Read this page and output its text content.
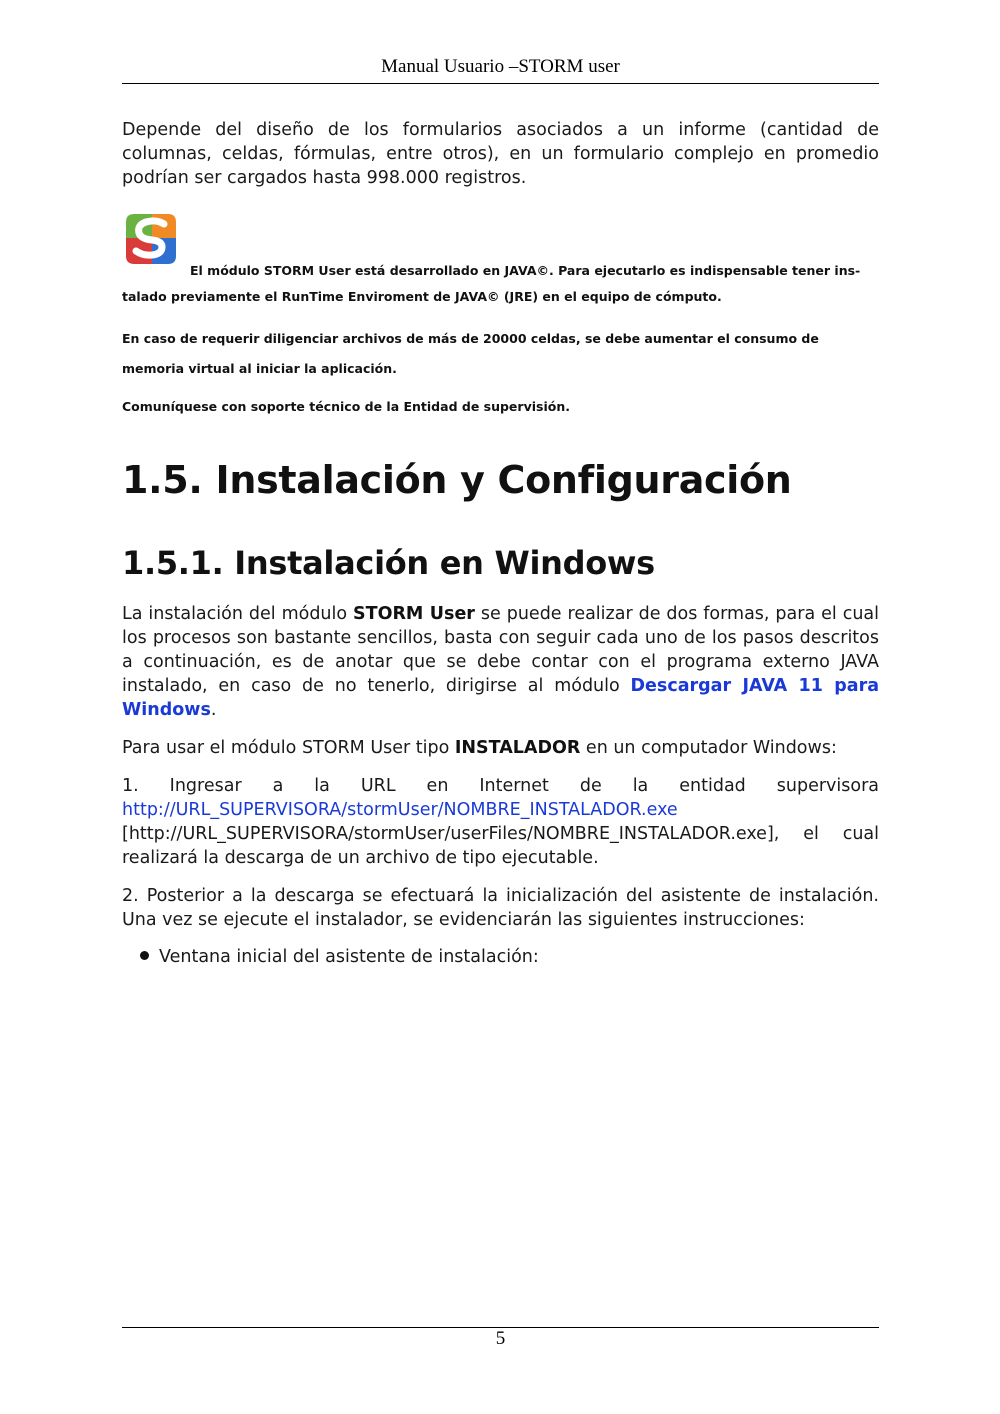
Manual Usuario –STORM user

Depende del diseño de los formularios asociados a un informe (cantidad de columnas, celdas, fórmulas, entre otros), en un formulario complejo en promedio podrían ser cargados hasta 998.000 registros.

El módulo STORM User está desarrollado en JAVA©. Para ejecutarlo es indispensable tener ins-
talado previamente el RunTime Enviroment de JAVA© (JRE) en el equipo de cómputo.
En caso de requerir diligenciar archivos de más de 20000 celdas, se debe aumentar el consumo de memoria virtual al iniciar la aplicación.
Comuníquese con soporte técnico de la Entidad de supervisión.
1.5. Instalación y Configuración
1.5.1. Instalación en Windows

La instalación del módulo STORM User se puede realizar de dos formas, para el cual los procesos son bastante sencillos, basta con seguir cada uno de los pasos descritos a continuación, es de anotar que se debe contar con el programa externo JAVA instalado, en caso de no tenerlo, dirigirse al módulo Descargar JAVA 11 para Windows.

Para usar el módulo STORM User tipo INSTALADOR en un computador Windows:

1. Ingresar a la URL en Internet de la entidad supervisora http://URL_SUPERVISORA/stormUser/NOMBRE_INSTALADOR.exe [http://URL_SUPERVISORA/stormUser/userFiles/NOMBRE_INSTALADOR.exe], el cual realizará la descarga de un archivo de tipo ejecutable.

2. Posterior a la descarga se efectuará la inicialización del asistente de instalación. Una vez se ejecute el instalador, se evidenciarán las siguientes instrucciones:

Ventana inicial del asistente de instalación:
5
